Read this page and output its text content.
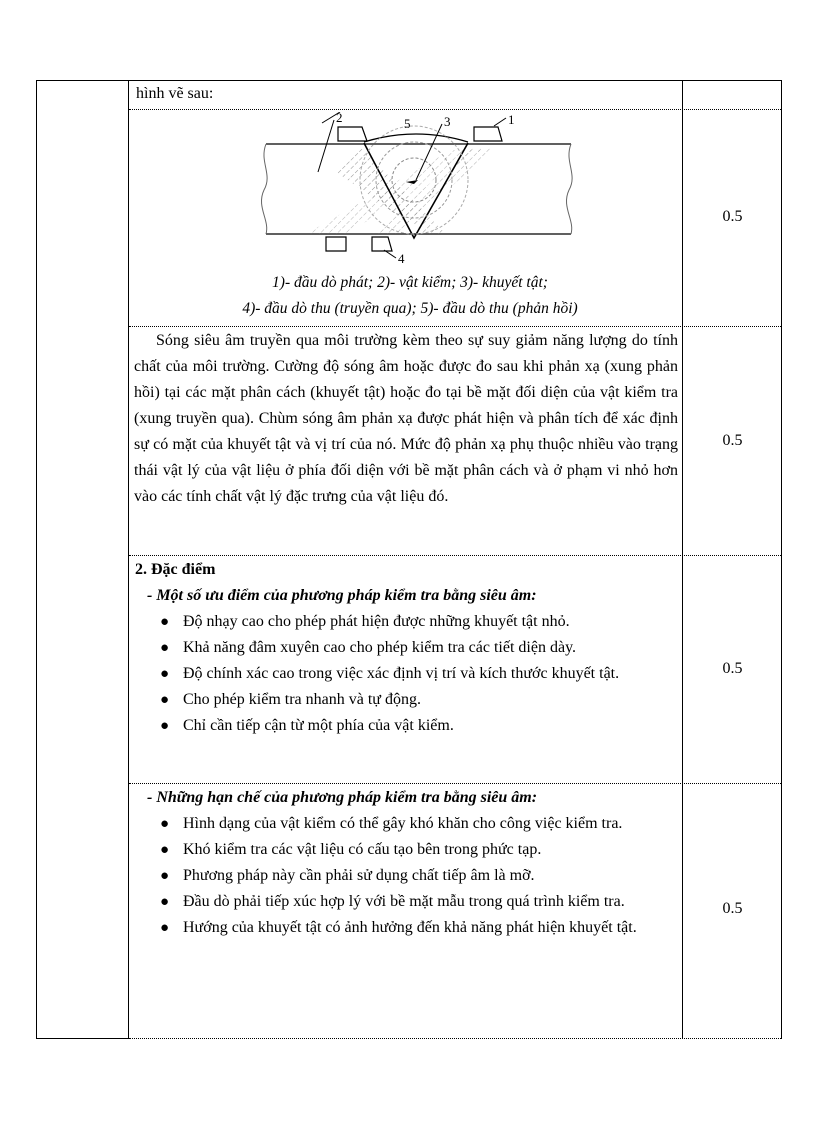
hình vẽ sau:
2	5	3	1
4
1)- đầu dò phát; 2)- vật kiểm; 3)- khuyết tật;
4)- đầu dò thu (truyền qua); 5)- đầu dò thu (phản hồi)
0.5
Sóng siêu âm truyền qua môi trường kèm theo sự suy giảm năng lượng do tính chất của môi trường. Cường độ sóng âm hoặc được đo sau khi phản xạ (xung phản hồi) tại các mặt phân cách (khuyết tật) hoặc đo tại bề mặt đối diện của vật kiểm tra (xung truyền qua). Chùm sóng âm phản xạ được phát hiện và phân tích để xác định sự có mặt của khuyết tật và vị trí của nó. Mức độ phản xạ phụ thuộc nhiều vào trạng thái vật lý của vật liệu ở phía đối diện với bề mặt phân cách và ở phạm vi nhỏ hơn vào các tính chất vật lý đặc trưng của vật liệu đó.
0.5

2. Đặc điểm

- Một số ưu điểm của phương pháp kiểm tra bằng siêu âm:

● Độ nhạy cao cho phép phát hiện được những khuyết tật nhỏ.
● Khả năng đâm xuyên cao cho phép kiểm tra các tiết diện dày.
● Độ chính xác cao trong việc xác định vị trí và kích thước khuyết tật.
● Cho phép kiểm tra nhanh và tự động.
● Chỉ cần tiếp cận từ một phía của vật kiểm.
0.5

- Những hạn chế của phương pháp kiểm tra bằng siêu âm:

● Hình dạng của vật kiểm có thể gây khó khăn cho công việc kiểm tra.
● Khó kiểm tra các vật liệu có cấu tạo bên trong phức tạp.
● Phương pháp này cần phải sử dụng chất tiếp âm là mỡ.
● Đầu dò phải tiếp xúc hợp lý với bề mặt mẫu trong quá trình kiểm tra.
● Hướng của khuyết tật có ảnh hưởng đến khả năng phát hiện khuyết tật.
0.5
